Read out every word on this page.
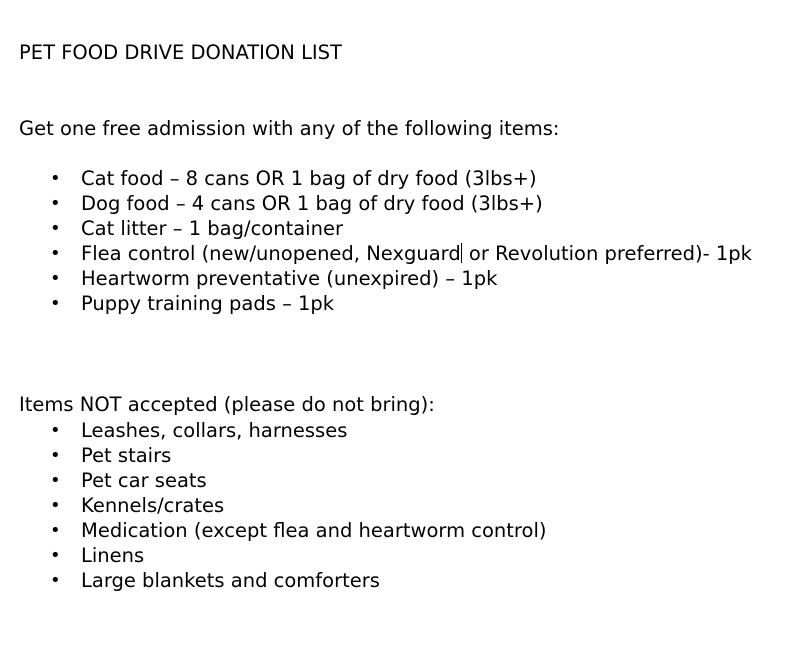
PET FOOD DRIVE DONATION LIST
Get one free admission with any of the following items:
• Cat food – 8 cans OR 1 bag of dry food (3lbs+)
• Dog food – 4 cans OR 1 bag of dry food (3lbs+)
• Cat litter – 1 bag/container
• Flea control (new/unopened, Nexguard or Revolution preferred)- 1pk
• Heartworm preventative (unexpired) – 1pk
• Puppy training pads – 1pk
Items NOT accepted (please do not bring):
• Leashes, collars, harnesses
• Pet stairs
• Pet car seats
• Kennels/crates
• Medication (except flea and heartworm control)
• Linens
• Large blankets and comforters
